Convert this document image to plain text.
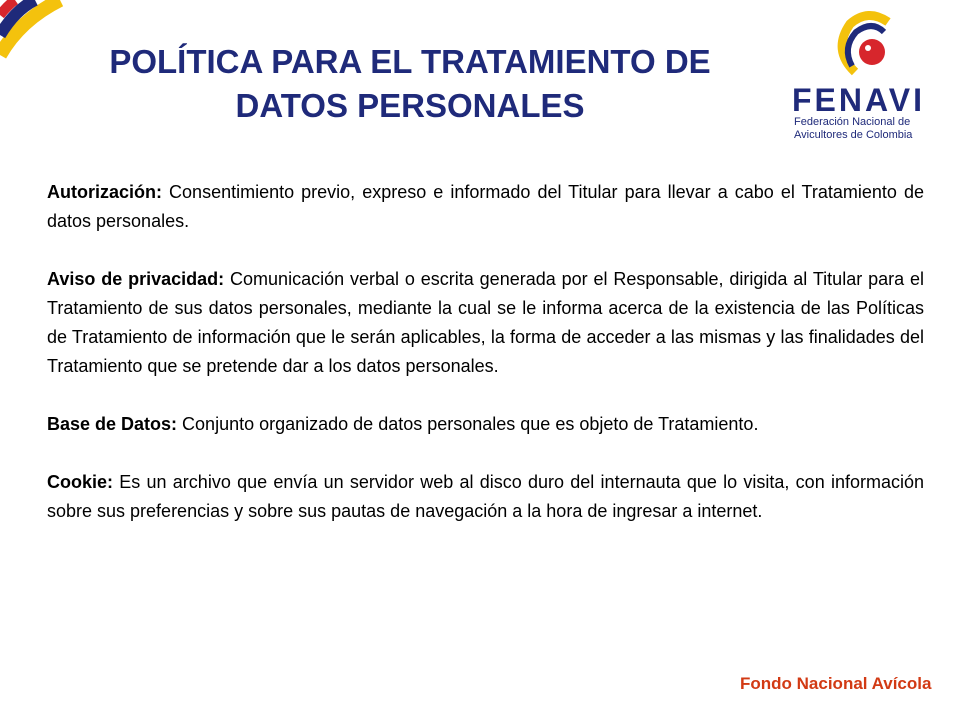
POLÍTICA PARA EL TRATAMIENTO DE
DATOS PERSONALES	FENAVI
Federación Nacional de
Avicultores de Colombia

Autorización: Consentimiento previo, expreso e informado del Titular para llevar a cabo el Tratamiento de datos personales.

Aviso de privacidad: Comunicación verbal o escrita generada por el Responsable, dirigida al Titular para el Tratamiento de sus datos personales, mediante la cual se le informa acerca de la existencia de las Políticas de Tratamiento de información que le serán aplicables, la forma de acceder a las mismas y las finalidades del Tratamiento que se pretende dar a los datos personales.

Base de Datos: Conjunto organizado de datos personales que es objeto de Tratamiento.

Cookie: Es un archivo que envía un servidor web al disco duro del internauta que lo visita, con información sobre sus preferencias y sobre sus pautas de navegación a la hora de ingresar a internet.

Fondo Nacional Avícola
